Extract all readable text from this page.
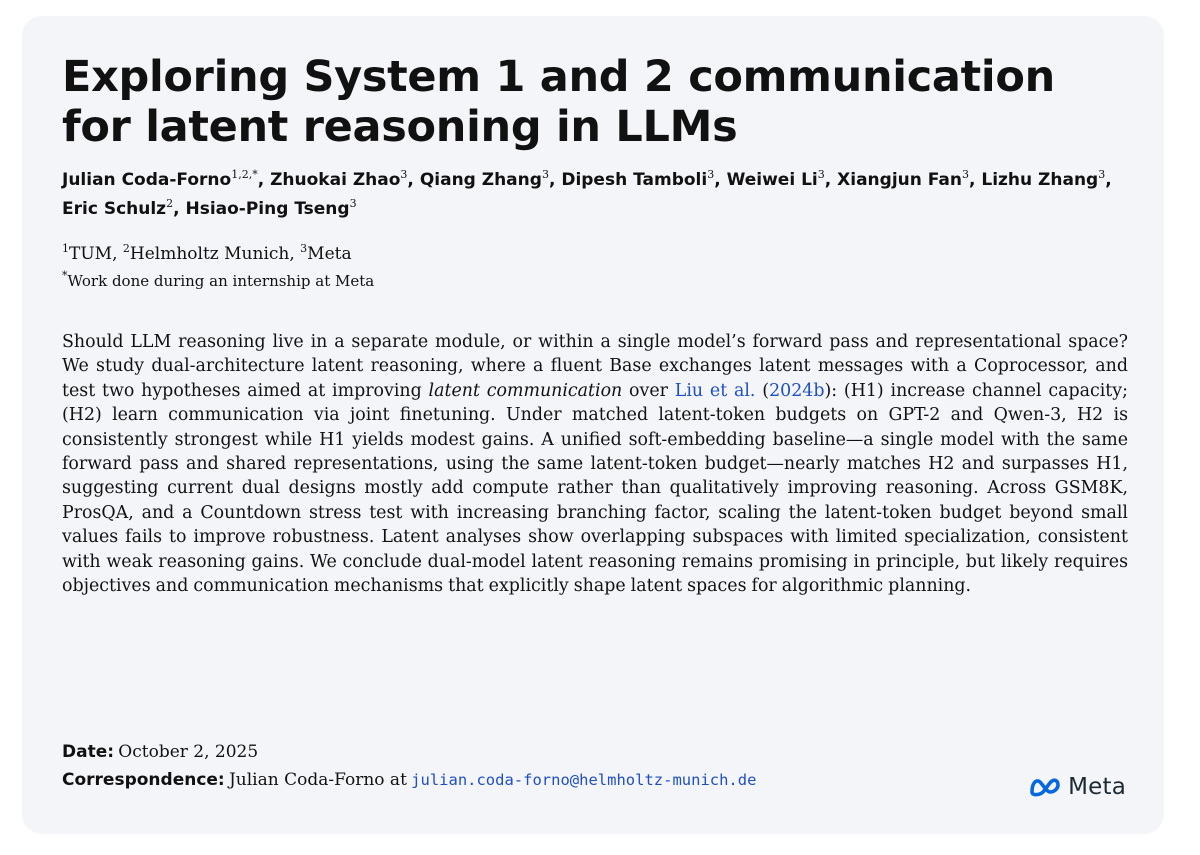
Exploring System 1 and 2 communication
for latent reasoning in LLMs
Julian Coda-Forno$^{1,2,*}$, Zhuokai Zhao$^3$, Qiang Zhang$^3$, Dipesh Tamboli$^3$, Weiwei Li$^3$, Xiangjun Fan$^3$, Lizhu Zhang$^3$, Eric Schulz$^2$, Hsiao-Ping Tseng$^3$
$^1$TUM, $^2$Helmholtz Munich, $^3$Meta
*Work done during an internship at Meta

Should LLM reasoning live in a separate module, or within a single model’s forward pass and representational space? We study dual-architecture latent reasoning, where a fluent Base exchanges latent messages with a Coprocessor, and test two hypotheses aimed at improving latent communication over Liu et al. (2024b): (H1) increase channel capacity; (H2) learn communication via joint finetuning. Under matched latent-token budgets on GPT-2 and Qwen-3, H2 is consistently strongest while H1 yields modest gains. A unified soft-embedding baseline—a single model with the same forward pass and shared representations, using the same latent-token budget—nearly matches H2 and surpasses H1, suggesting current dual designs mostly add compute rather than qualitatively improving reasoning. Across GSM8K, ProsQA, and a Countdown stress test with increasing branching factor, scaling the latent-token budget beyond small values fails to improve robustness. Latent analyses show overlapping subspaces with limited specialization, consistent with weak reasoning gains. We conclude dual-model latent reasoning remains promising in principle, but likely requires objectives and communication mechanisms that explicitly shape latent spaces for algorithmic planning.

Date: October 2, 2025
Correspondence: Julian Coda-Forno at julian.coda-forno@helmholtz-munich.de	Meta
